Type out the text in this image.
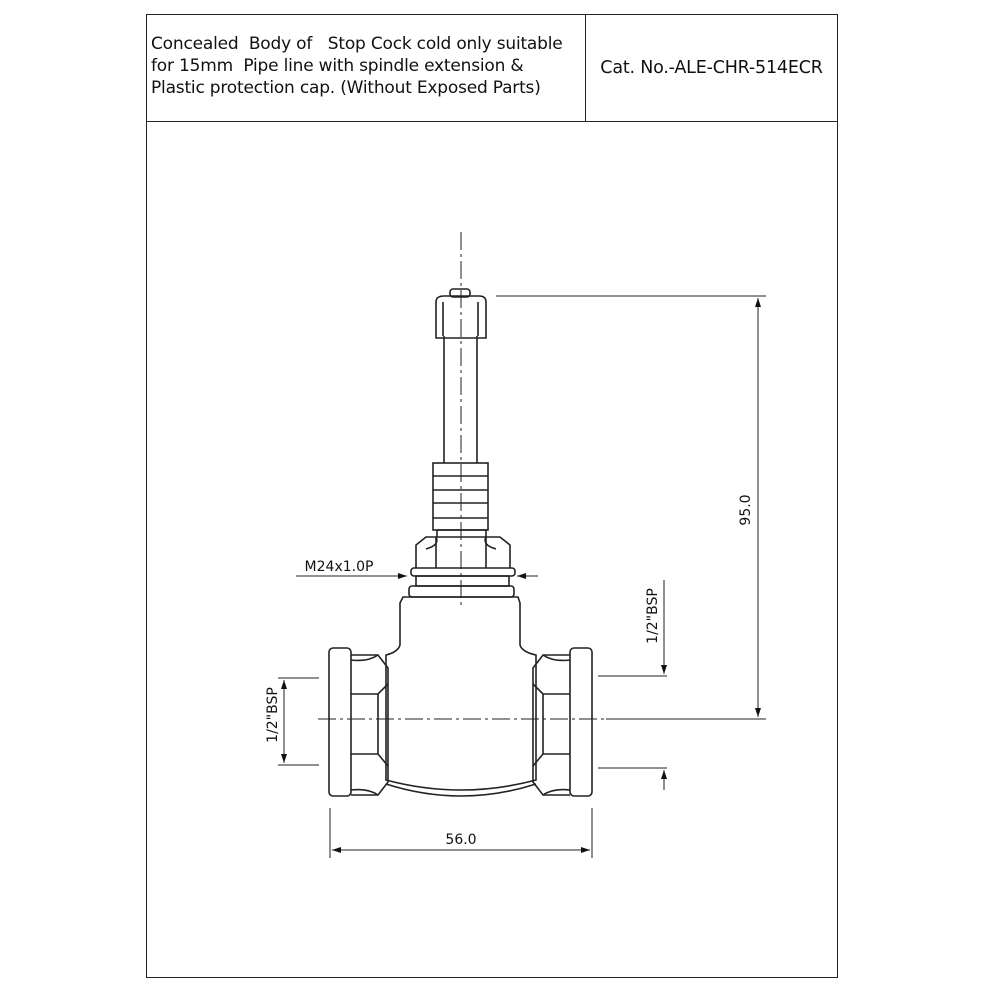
Concealed  Body of   Stop Cock cold only suitable
for 15mm  Pipe line with spindle extension &
Plastic protection cap. (Without Exposed Parts)
Cat. No.-ALE-CHR-514ECR
95.0
56.0
M24x1.0P
1/2"BSP
1/2"BSP
